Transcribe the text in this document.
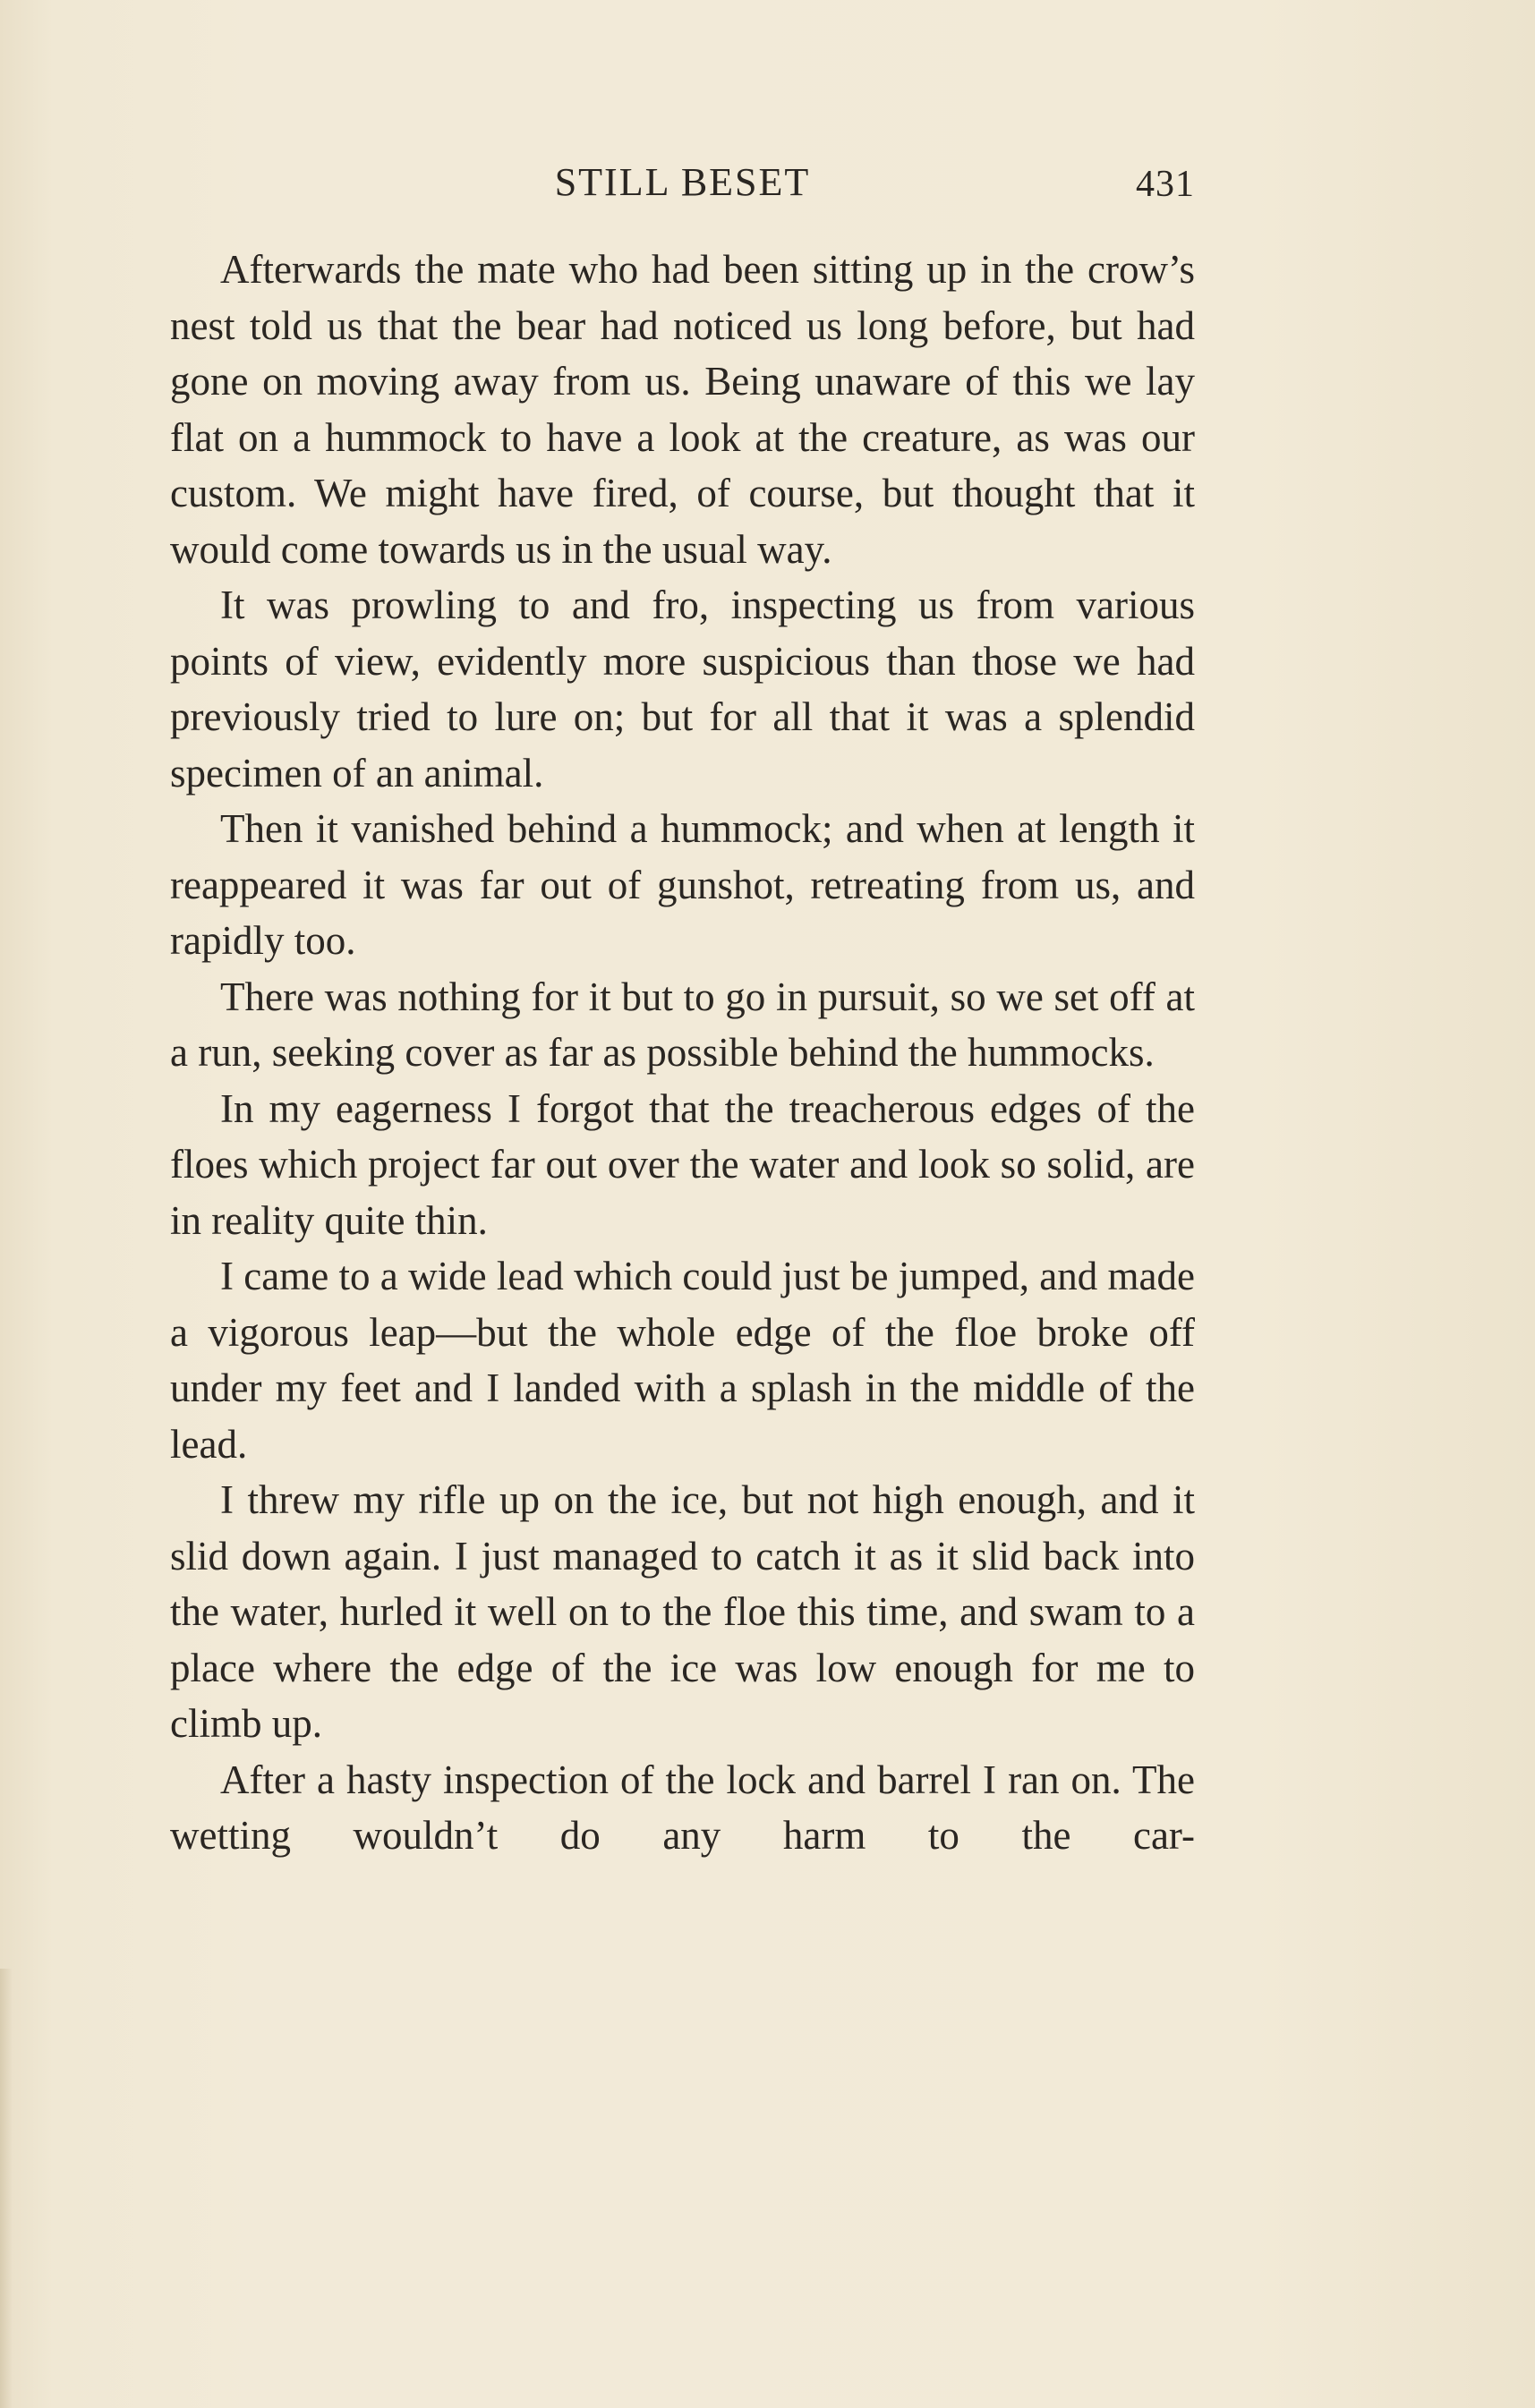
STILL BESET	431

Afterwards the mate who had been sitting up in the crow’s nest told us that the bear had noticed us long before, but had gone on moving away from us. Being unaware of this we lay flat on a hummock to have a look at the creature, as was our custom. We might have fired, of course, but thought that it would come towards us in the usual way.

It was prowling to and fro, inspecting us from various points of view, evidently more suspicious than those we had previously tried to lure on; but for all that it was a splendid specimen of an animal.

Then it vanished behind a hummock; and when at length it reappeared it was far out of gunshot, retreating from us, and rapidly too.

There was nothing for it but to go in pursuit, so we set off at a run, seeking cover as far as possible behind the hummocks.

In my eagerness I forgot that the treacherous edges of the floes which project far out over the water and look so solid, are in reality quite thin.

I came to a wide lead which could just be jumped, and made a vigorous leap—but the whole edge of the floe broke off under my feet and I landed with a splash in the middle of the lead.

I threw my rifle up on the ice, but not high enough, and it slid down again. I just managed to catch it as it slid back into the water, hurled it well on to the floe this time, and swam to a place where the edge of the ice was low enough for me to climb up.

After a hasty inspection of the lock and barrel I ran on. The wetting wouldn’t do any harm to the car-
